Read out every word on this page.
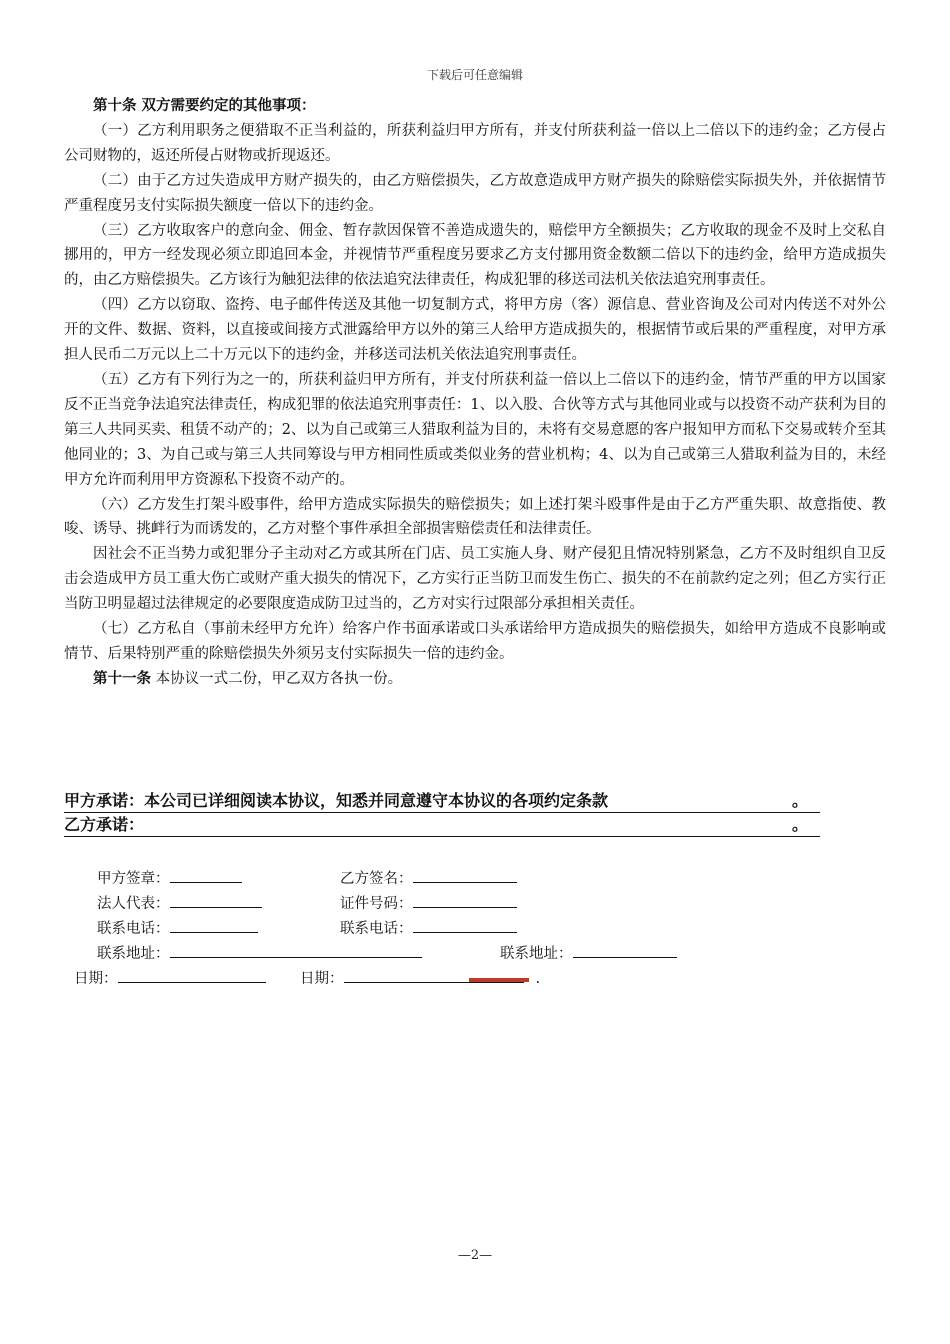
下载后可任意编辑

第十条 双方需要约定的其他事项：

（一）乙方利用职务之便猎取不正当利益的，所获利益归甲方所有，并支付所获利益一倍以上二倍以下的违约金；乙方侵占公司财物的，返还所侵占财物或折现返还。

（二）由于乙方过失造成甲方财产损失的，由乙方赔偿损失，乙方故意造成甲方财产损失的除赔偿实际损失外，并依据情节严重程度另支付实际损失额度一倍以下的违约金。

（三）乙方收取客户的意向金、佣金、暂存款因保管不善造成遗失的，赔偿甲方全额损失；乙方收取的现金不及时上交私自挪用的，甲方一经发现必须立即追回本金，并视情节严重程度另要求乙方支付挪用资金数额二倍以下的违约金，给甲方造成损失的，由乙方赔偿损失。乙方该行为触犯法律的依法追究法律责任，构成犯罪的移送司法机关依法追究刑事责任。

（四）乙方以窃取、盗挎、电子邮件传送及其他一切复制方式，将甲方房（客）源信息、营业咨询及公司对内传送不对外公开的文件、数据、资料，以直接或间接方式泄露给甲方以外的第三人给甲方造成损失的，根据情节或后果的严重程度，对甲方承担人民币二万元以上二十万元以下的违约金，并移送司法机关依法追究刑事责任。

（五）乙方有下列行为之一的，所获利益归甲方所有，并支付所获利益一倍以上二倍以下的违约金，情节严重的甲方以国家反不正当竞争法追究法律责任，构成犯罪的依法追究刑事责任：1、以入股、合伙等方式与其他同业或与以投资不动产获利为目的第三人共同买卖、租赁不动产的；2、以为自己或第三人猎取利益为目的，未将有交易意愿的客户报知甲方而私下交易或转介至其他同业的；3、为自己或与第三人共同筹设与甲方相同性质或类似业务的营业机构；4、以为自己或第三人猎取利益为目的，未经甲方允许而利用甲方资源私下投资不动产的。

（六）乙方发生打架斗殴事件，给甲方造成实际损失的赔偿损失；如上述打架斗殴事件是由于乙方严重失职、故意指使、教唆、诱导、挑衅行为而诱发的，乙方对整个事件承担全部损害赔偿责任和法律责任。

因社会不正当势力或犯罪分子主动对乙方或其所在门店、员工实施人身、财产侵犯且情况特别紧急，乙方不及时组织自卫反击会造成甲方员工重大伤亡或财产重大损失的情况下，乙方实行正当防卫而发生伤亡、损失的不在前款约定之列；但乙方实行正当防卫明显超过法律规定的必要限度造成防卫过当的，乙方对实行过限部分承担相关责任。

（七）乙方私自（事前未经甲方允许）给客户作书面承诺或口头承诺给甲方造成损失的赔偿损失，如给甲方造成不良影响或情节、后果特别严重的除赔偿损失外须另支付实际损失一倍的违约金。

第十一条 本协议一式二份，甲乙双方各执一份。

甲方承诺：本公司已详细阅读本协议，知悉并同意遵守本协议的各项约定条款	。
乙方承诺：	。
甲方签章：	乙方签名：
法人代表：	证件号码：
联系电话：	联系电话：
联系地址：	联系地址：
日期：	日期：	.
—2—
